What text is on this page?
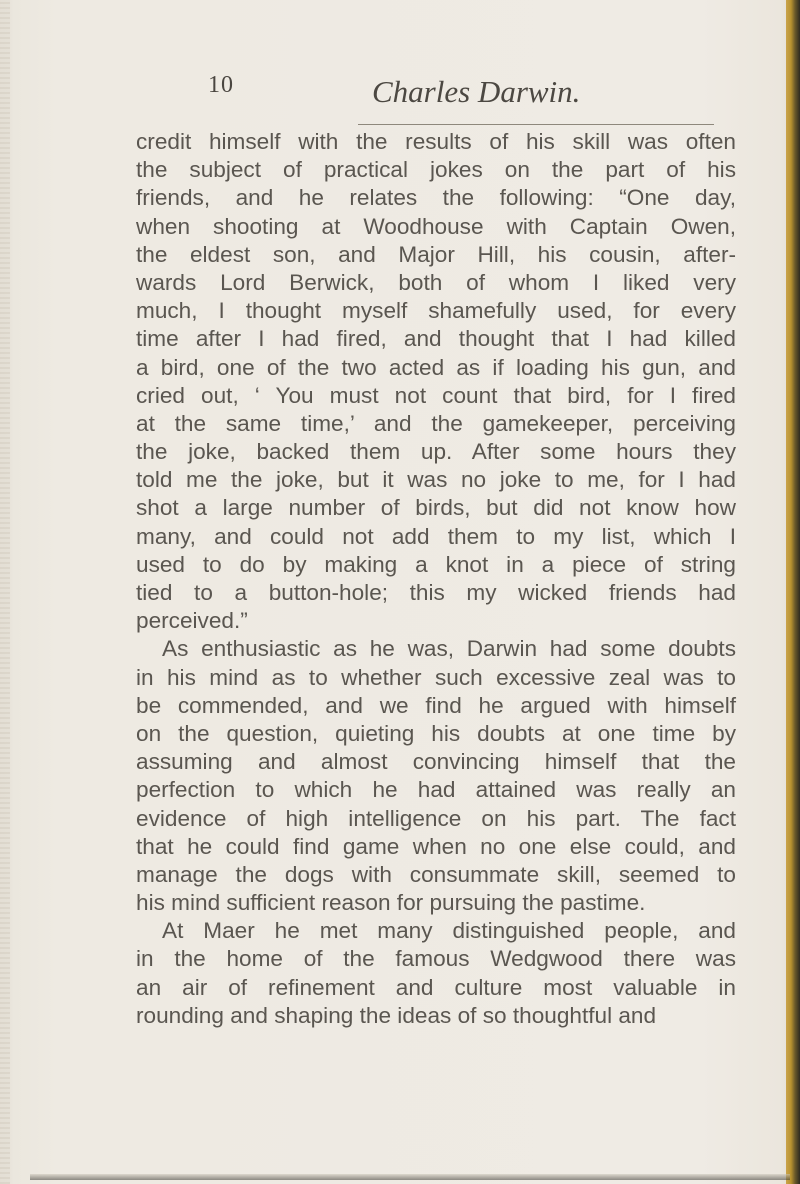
10	Charles Darwin.
credit himself with the results of his skill was often
the subject of practical jokes on the part of his
friends, and he relates the following: “One day,
when shooting at Woodhouse with Captain Owen,
the eldest son, and Major Hill, his cousin, after-
wards Lord Berwick, both of whom I liked very
much, I thought myself shamefully used, for every
time after I had fired, and thought that I had killed
a bird, one of the two acted as if loading his gun, and
cried out, ‘ You must not count that bird, for I fired
at the same time,’ and the gamekeeper, perceiving
the joke, backed them up. After some hours they
told me the joke, but it was no joke to me, for I had
shot a large number of birds, but did not know how
many, and could not add them to my list, which I
used to do by making a knot in a piece of string
tied to a button-hole; this my wicked friends had
perceived.”
As enthusiastic as he was, Darwin had some doubts
in his mind as to whether such excessive zeal was to
be commended, and we find he argued with himself
on the question, quieting his doubts at one time by
assuming and almost convincing himself that the
perfection to which he had attained was really an
evidence of high intelligence on his part. The fact
that he could find game when no one else could, and
manage the dogs with consummate skill, seemed to
his mind sufficient reason for pursuing the pastime.
At Maer he met many distinguished people, and
in the home of the famous Wedgwood there was
an air of refinement and culture most valuable in
rounding and shaping the ideas of so thoughtful and
